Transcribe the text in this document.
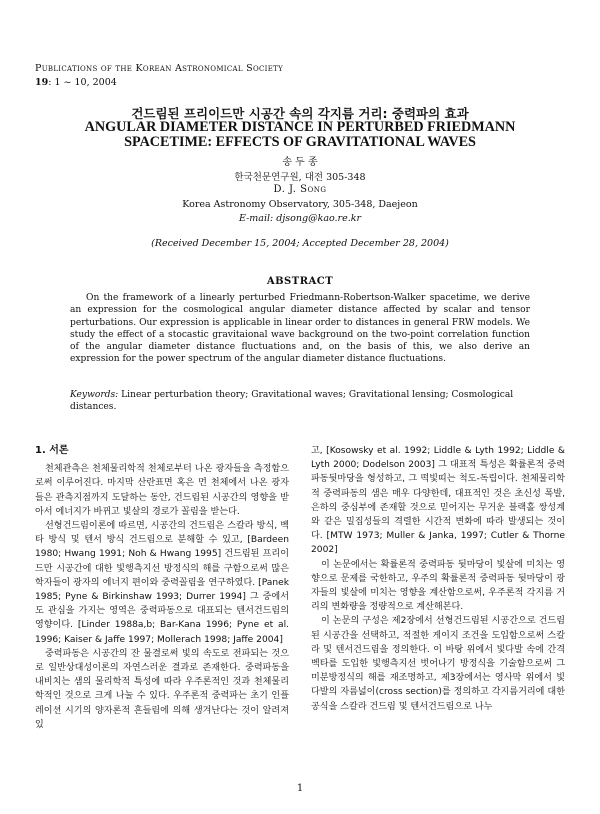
Publications of the Korean Astronomical Society
19: 1 ~ 10, 2004
건드림된 프리이드만 시공간 속의 각지름 거리: 중력파의 효과
ANGULAR DIAMETER DISTANCE IN PERTURBED FRIEDMANN SPACETIME: EFFECTS OF GRAVITATIONAL WAVES
송 두 종
한국천문연구원, 대전 305-348
D. J. Song
Korea Astronomy Observatory, 305-348, Daejeon
E-mail: djsong@kao.re.kr
(Received December 15, 2004; Accepted December 28, 2004)
ABSTRACT

On the framework of a linearly perturbed Friedmann-Robertson-Walker spacetime, we derive an expression for the cosmological angular diameter distance affected by scalar and tensor perturbations. Our expression is applicable in linear order to distances in general FRW models. We study the effect of a stocastic gravitaional wave background on the two-point correlation function of the angular diameter distance fluctuations and, on the basis of this, we also derive an expression for the power spectrum of the angular diameter distance fluctuations.

Keywords: Linear perturbation theory; Gravitational waves; Gravitational lensing; Cosmological distances.

1. 서론

천체관측은 천체물리학적 천체로부터 나온 광자들을 측정함으로써 이루어진다. 마지막 산란표면 혹은 먼 천체에서 나온 광자들은 관측지점까지 도달하는 동안, 건드림된 시공간의 영향을 받아서 에너지가 바뀌고 빛살의 경로가 꼴림을 받는다.

선형건드림이론에 따르면, 시공간의 건드림은 스칼라 방식, 벡타 방식 및 텐서 방식 건드림으로 분해할 수 있고, [Bardeen 1980; Hwang 1991; Noh & Hwang 1995] 건드림된 프리이드만 시공간에 대한 빛행측지선 방정식의 해를 구함으로써 많은 학자들이 광자의 에너지 편이와 중력꼴림을 연구하였다. [Panek 1985; Pyne & Birkinshaw 1993; Durrer 1994] 그 중에서도 관심을 가지는 영역은 중력파동으로 대표되는 텐서건드림의 영향이다. [Linder 1988a,b; Bar-Kana 1996; Pyne et al. 1996; Kaiser & Jaffe 1997; Mollerach 1998; Jaffe 2004]

중력파동은 시공간의 잔 물결로써 빛의 속도로 전파되는 것으로 일반상대성이론의 자연스러운 결과로 존재한다. 중력파동을 내비치는 샘의 물리학적 특성에 따라 우주론적인 것과 천체물리학적인 것으로 크게 나눌 수 있다. 우주론적 중력파는 초기 인플레이션 시기의 양자론적 흔들림에 의해 생겨난다는 것이 알려져 있

고, [Kosowsky et al. 1992; Liddle & Lyth 1992; Liddle & Lyth 2000; Dodelson 2003] 그 대표적 특성은 확률론적 중력파동뒷마당을 형성하고, 그 떡빛띠는 척도-독립이다. 천체물리학적 중력파동의 샘은 매우 다양한데, 대표적인 것은 초신성 폭발, 은하의 중심부에 존재할 것으로 믿어지는 무거운 블랙홀 쌍성계와 같은 밀집성들의 격렬한 시간적 변화에 따라 발생되는 것이다. [MTW 1973; Muller & Janka, 1997; Cutler & Thorne 2002]

이 논문에서는 확률론적 중력파동 뒷마당이 빛살에 미치는 영향으로 문제를 국한하고, 우주의 확률론적 중력파동 뒷마당이 광자들의 빛살에 미치는 영향을 계산함으로써, 우주론적 각지름 거리의 변화량을 정량적으로 계산해본다.

이 논문의 구성은 제2장에서 선형건드림된 시공간으로 건드림된 시공간을 선택하고, 적절한 게이지 조건을 도입함으로써 스칼라 및 텐서건드림을 정의한다. 이 바탕 위에서 빛다발 속에 간격벡타를 도입한 빛행측지선 벗어나기 방정식을 기술함으로써 그 미분방정식의 해를 재조명하고, 제3장에서는 영사막 위에서 빛다발의 자름넓이(cross section)를 정의하고 각지름거리에 대한 공식을 스칼라 건드림 및 텐서건드림으로 나누

1
